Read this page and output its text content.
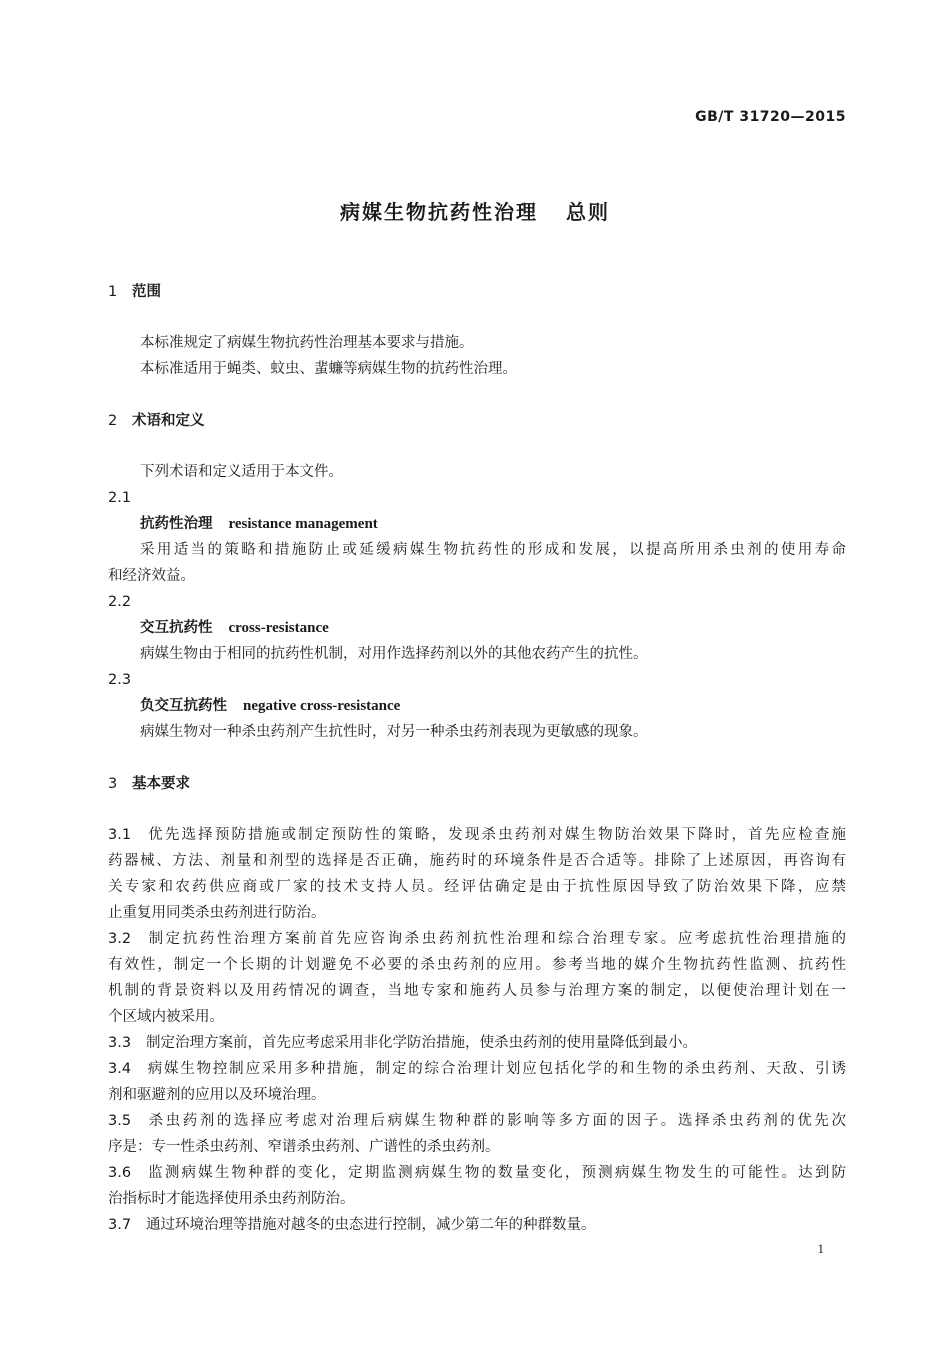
GB/T 31720—2015
病媒生物抗药性治理 总则
1 范围
本标准规定了病媒生物抗药性治理基本要求与措施。
本标准适用于蝇类、蚊虫、蜚蠊等病媒生物的抗药性治理。
2 术语和定义
下列术语和定义适用于本文件。
2.1
抗药性治理 resistance management
采用适当的策略和措施防止或延缓病媒生物抗药性的形成和发展，以提高所用杀虫剂的使用寿命
和经济效益。
2.2
交互抗药性 cross-resistance
病媒生物由于相同的抗药性机制，对用作选择药剂以外的其他农药产生的抗性。
2.3
负交互抗药性 negative cross-resistance
病媒生物对一种杀虫药剂产生抗性时，对另一种杀虫药剂表现为更敏感的现象。
3 基本要求
3.1 优先选择预防措施或制定预防性的策略，发现杀虫药剂对媒生物防治效果下降时，首先应检查施
药器械、方法、剂量和剂型的选择是否正确，施药时的环境条件是否合适等。排除了上述原因，再咨询有
关专家和农药供应商或厂家的技术支持人员。经评估确定是由于抗性原因导致了防治效果下降，应禁
止重复用同类杀虫药剂进行防治。
3.2 制定抗药性治理方案前首先应咨询杀虫药剂抗性治理和综合治理专家。应考虑抗性治理措施的
有效性，制定一个长期的计划避免不必要的杀虫药剂的应用。参考当地的媒介生物抗药性监测、抗药性
机制的背景资料以及用药情况的调查，当地专家和施药人员参与治理方案的制定，以便使治理计划在一
个区域内被采用。
3.3 制定治理方案前，首先应考虑采用非化学防治措施，使杀虫药剂的使用量降低到最小。
3.4 病媒生物控制应采用多种措施，制定的综合治理计划应包括化学的和生物的杀虫药剂、天敌、引诱
剂和驱避剂的应用以及环境治理。
3.5 杀虫药剂的选择应考虑对治理后病媒生物种群的影响等多方面的因子。选择杀虫药剂的优先次
序是：专一性杀虫药剂、窄谱杀虫药剂、广谱性的杀虫药剂。
3.6 监测病媒生物种群的变化，定期监测病媒生物的数量变化，预测病媒生物发生的可能性。达到防
治指标时才能选择使用杀虫药剂防治。
3.7 通过环境治理等措施对越冬的虫态进行控制，减少第二年的种群数量。
1
